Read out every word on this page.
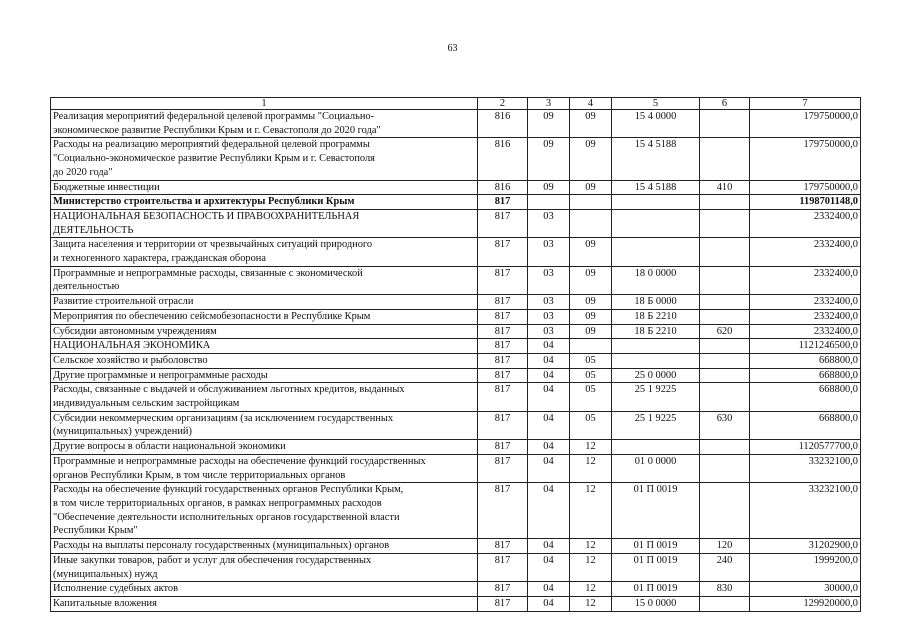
63
1	2	3	4	5	6	7
Реализация мероприятий федеральной целевой программы "Социально-
экономическое развитие Республики Крым и г. Севастополя до 2020 года"	816	09	09	15 4 0000		179750000,0
Расходы на реализацию мероприятий федеральной целевой программы
"Социально-экономическое развитие Республики Крым и г. Севастополя
до 2020 года"	816	09	09	15 4 5188		179750000,0
Бюджетные инвестиции	816	09	09	15 4 5188	410	179750000,0
Министерство строительства и архитектуры Республики Крым	817					1198701148,0
НАЦИОНАЛЬНАЯ БЕЗОПАСНОСТЬ И ПРАВООХРАНИТЕЛЬНАЯ
ДЕЯТЕЛЬНОСТЬ	817	03				2332400,0
Защита населения и территории от чрезвычайных ситуаций природного
и техногенного характера, гражданская оборона	817	03	09			2332400,0
Программные и непрограммные расходы, связанные с экономической
деятельностью	817	03	09	18 0 0000		2332400,0
Развитие строительной отрасли	817	03	09	18 Б 0000		2332400,0
Мероприятия по обеспечению сейсмобезопасности в Республике Крым	817	03	09	18 Б 2210		2332400,0
Субсидии автономным учреждениям	817	03	09	18 Б 2210	620	2332400,0
НАЦИОНАЛЬНАЯ ЭКОНОМИКА	817	04				1121246500,0
Сельское хозяйство и рыболовство	817	04	05			668800,0
Другие программные и непрограммные расходы	817	04	05	25 0 0000		668800,0
Расходы, связанные с выдачей и обслуживанием льготных кредитов, выданных
индивидуальным сельским застройщикам	817	04	05	25 1 9225		668800,0
Субсидии некоммерческим организациям (за исключением государственных
(муниципальных) учреждений)	817	04	05	25 1 9225	630	668800,0
Другие вопросы в области национальной экономики	817	04	12			1120577700,0
Программные и непрограммные расходы на обеспечение функций государственных
органов Республики Крым, в том числе территориальных органов	817	04	12	01 0 0000		33232100,0
Расходы на обеспечение функций государственных органов Республики Крым,
в том числе территориальных органов, в рамках непрограммных расходов
"Обеспечение деятельности исполнительных органов государственной власти
Республики Крым"	817	04	12	01 П 0019		33232100,0
Расходы на выплаты персоналу государственных (муниципальных) органов	817	04	12	01 П 0019	120	31202900,0
Иные закупки товаров, работ и услуг для обеспечения государственных
(муниципальных) нужд	817	04	12	01 П 0019	240	1999200,0
Исполнение судебных актов	817	04	12	01 П 0019	830	30000,0
Капитальные вложения	817	04	12	15 0 0000		129920000,0
